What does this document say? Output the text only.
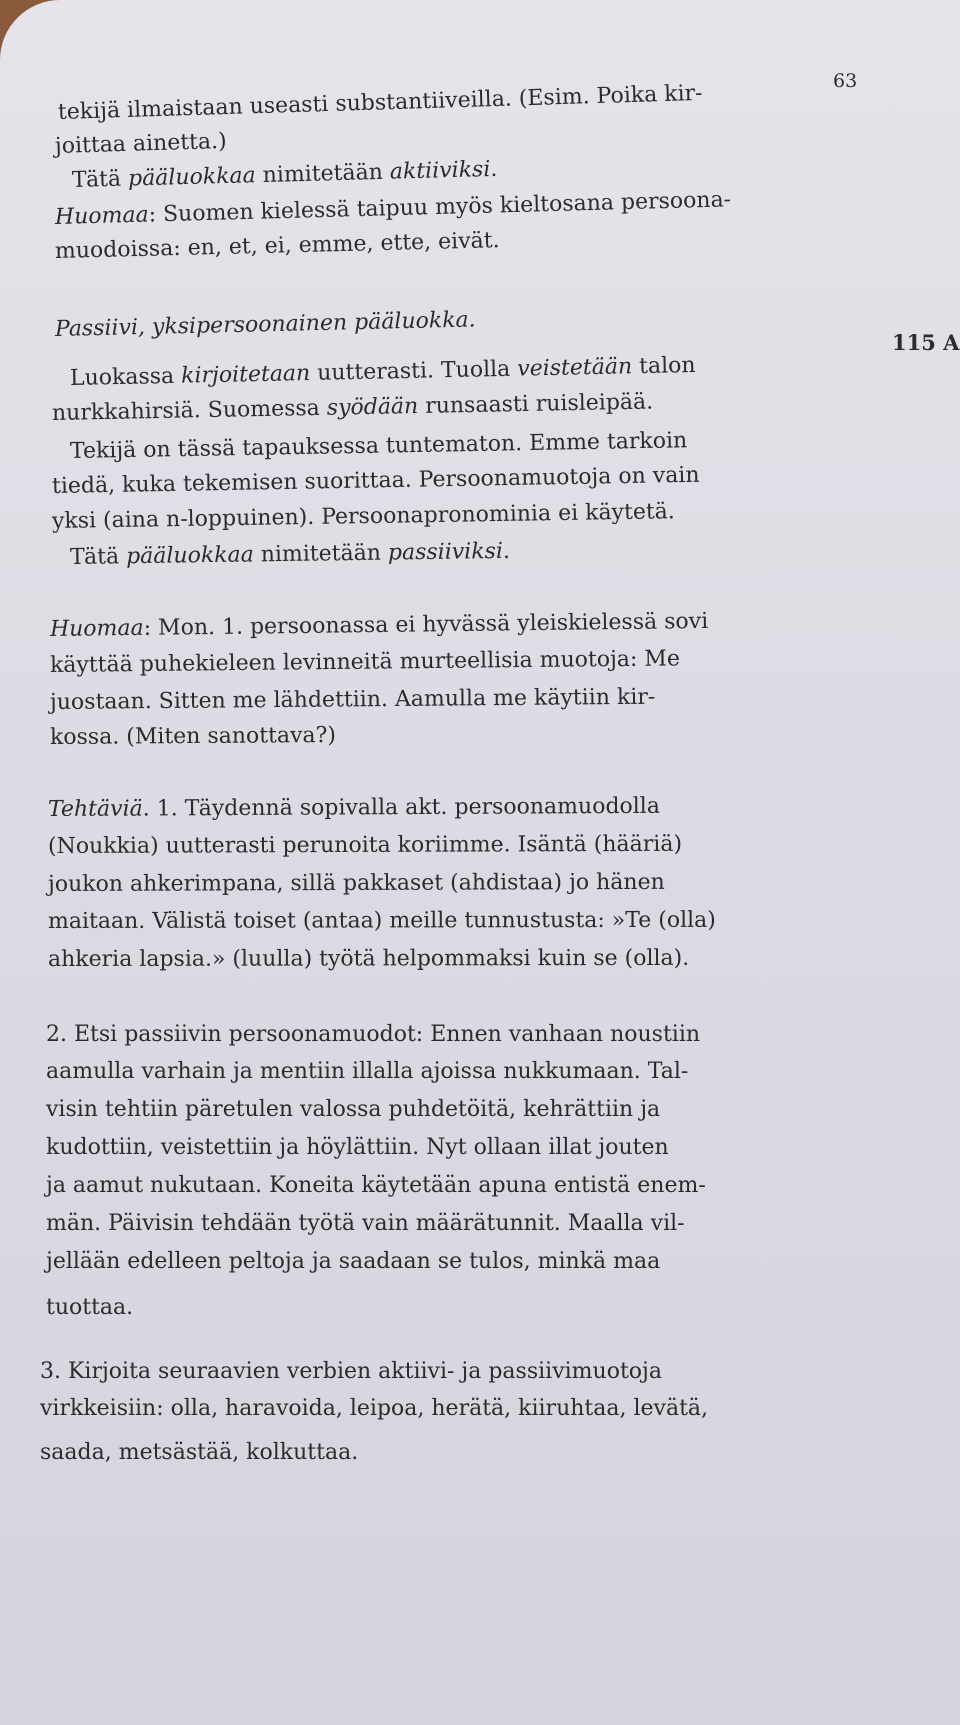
63
115 A
tekijä ilmaistaan useasti substantiiveilla. (Esim. Poika kir-
joittaa ainetta.)
Tätä pääluokkaa nimitetään aktiiviksi.
Huomaa: Suomen kielessä taipuu myös kieltosana persoona-
muodoissa: en, et, ei, emme, ette, eivät.
Passiivi, yksipersoonainen pääluokka.
Luokassa kirjoitetaan uutterasti. Tuolla veistetään talon
nurkkahirsiä. Suomessa syödään runsaasti ruisleipää.
Tekijä on tässä tapauksessa tuntematon. Emme tarkoin
tiedä, kuka tekemisen suorittaa. Persoonamuotoja on vain
yksi (aina n-loppuinen). Persoonapronominia ei käytetä.
Tätä pääluokkaa nimitetään passiiviksi.
Huomaa: Mon. 1. persoonassa ei hyvässä yleiskielessä sovi
käyttää puhekieleen levinneitä murteellisia muotoja: Me
juostaan. Sitten me lähdettiin. Aamulla me käytiin kir-
kossa. (Miten sanottava?)
Tehtäviä. 1. Täydennä sopivalla akt. persoonamuodolla
(Noukkia) uutterasti perunoita koriimme. Isäntä (hääriä)
joukon ahkerimpana, sillä pakkaset (ahdistaa) jo hänen
maitaan. Välistä toiset (antaa) meille tunnustusta: »Te (olla)
ahkeria lapsia.» (luulla) työtä helpommaksi kuin se (olla).
2. Etsi passiivin persoonamuodot: Ennen vanhaan noustiin
aamulla varhain ja mentiin illalla ajoissa nukkumaan. Tal-
visin tehtiin päretulen valossa puhdetöitä, kehrättiin ja
kudottiin, veistettiin ja höylättiin. Nyt ollaan illat jouten
ja aamut nukutaan. Koneita käytetään apuna entistä enem-
män. Päivisin tehdään työtä vain määrätunnit. Maalla vil-
jellään edelleen peltoja ja saadaan se tulos, minkä maa
tuottaa.
3. Kirjoita seuraavien verbien aktiivi- ja passiivimuotoja
virkkeisiin: olla, haravoida, leipoa, herätä, kiiruhtaa, levätä,
saada, metsästää, kolkuttaa.
